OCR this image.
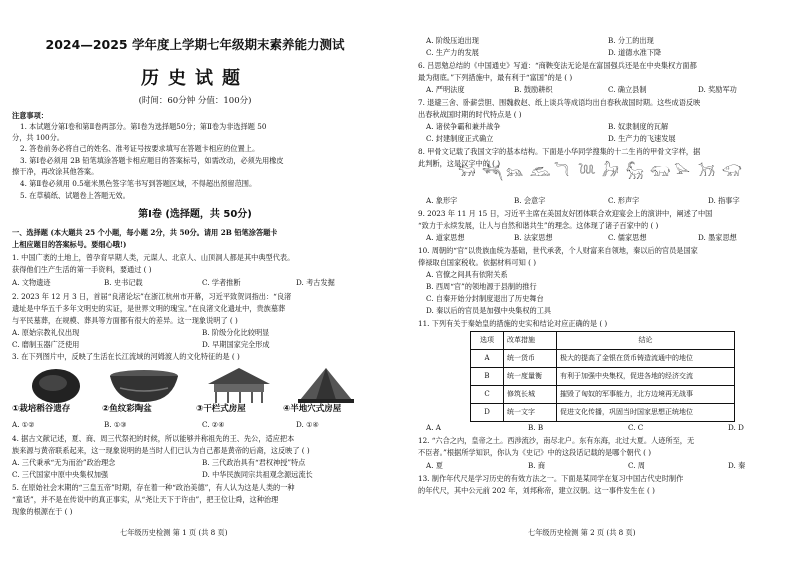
2024—2025 学年度上学期七年级期末素养能力测试
历史试题
(时间：60分钟 分值：100分)
注意事项：
1. 本试题分第Ⅰ卷和第Ⅱ卷两部分。第Ⅰ卷为选择题50分；第Ⅱ卷为非选择题 50
分，共 100分。
2. 答卷前务必将自己的姓名、准考证号按要求填写在答题卡相应的位置上。
3. 第Ⅰ卷必须用 2B 铅笔填涂答题卡相应题目的答案标号，如需改动，必须先用橡皮
擦干净，再改涂其他答案。
4. 第Ⅱ卷必须用 0.5毫米黑色签字笔书写到答题区域，不得超出预留范围。
5. 在草稿纸、试题卷上答题无效。
第Ⅰ卷 (选择题，共 50分)
一、选择题 (本大题共 25 个小题，每小题 2分，共 50分。请用 2B 铅笔涂答题卡
上相应题目的答案标号。要细心哦!)
1. 中国广袤的土地上，曾孕育早期人类，元谋人、北京人、山顶洞人都是其中典型代表。
获得他们生产生活的第一手资料，要通过 ( )
A. 文物遗迹	B. 史书记载	C. 学者推断	D. 考古发掘
2. 2023 年 12 月 3 日，首届“良渚论坛”在浙江杭州市开幕，习近平致贺词指出：“良渚
遗址是中华五千多年文明史的实证，是世界文明的瑰宝。”在良渚文化遗址中，贵族墓葬
与平民墓葬，在规模、葬具等方面都有很大的差异。这一现象说明了 ( )
A. 原始宗教礼仪出现	B. 阶级分化比较明显
C. 磨制玉器广泛使用	D. 早期国家完全形成
3. 在下列图片中，反映了生活在长江流域的河姆渡人的文化特征的是 ( )
①栽培稻谷遗存	②鱼纹彩陶盆	③干栏式房屋	④半地穴式房屋
A. ①②	B. ①③	C. ②④	D. ①④
4. 据古文献记述，夏、商、周三代祭祀的时候，所以能够并称祖先的王、先公，适应把本
族来源与黄帝联系起来，这一现象说明的是当时人们已认为自己都是黄帝的后裔，这反映了 ( )
A. 三代秉承“无为而治”政治理念	B. 三代政治具有“君权神授”特点
C. 三代国家中原中央集权加强	D. 中华民族同宗共祖观念源远流长
5. 在原始社会末期的“三皇五帝”时期，存在着一种“政治美德”，有人认为这是人类的一种
“童话”，并不是在传说中的真正事实，从“尧让天下于许由”，把王位让舜，这种治理
现象的根源在于 ( )
七年级历史检测 第 1 页 (共 8 页)
A. 阶级压迫出现	B. 分工的出现
C. 生产力的发展	D. 道德水准下降
6. 吕思勉总结的《中国通史》写道：“商鞅变法无论是在富国强兵还是在中央集权方面都
最为彻底。”下列措施中，最有利于“富国”的是 ( )
A. 严明法度	B. 鼓励耕织	C. 确立县制	D. 奖励军功
7. 退避三舍、卧薪尝胆、围魏救赵、纸上谈兵等成语均出自春秋战国时期。这些成语反映
出春秋战国时期的时代特点是 ( )
A. 诸侯争霸和兼并战争	B. 奴隶制度的瓦解
C. 封建制度正式确立	D. 生产力的飞速发展
8. 甲骨文记载了我国文字的基本结构。下面是小华同学搜集的十二生肖的甲骨文字样，据
此判断，这是汉字中的 ( )
𓃒 𓆈 𓃬 𓃹 𓆓 𓆙 𓃗 𓃵 𓃯 𓅪 𓃡 𓃟
A. 象形字	B. 会意字	C. 形声字	D. 指事字
9. 2023 年 11 月 15 日，习近平主席在美国友好团体联合欢迎宴会上的演讲中，阐述了中国
“致力于永续发展，让人与自然和谐共生”的理念。这体现了诸子百家中的 ( )
A. 道家思想	B. 法家思想	C. 儒家思想	D. 墨家思想
10. 周朝的“官”以贵族血统为基础，世代承袭，个人财富来自领地，秦以后的官员是国家
俸禄取自国家税收。依据材料可知 ( )
A. 官僚之间具有依附关系
B. 西周“官”的领地源于县制的推行
C. 自秦开始分封制度退出了历史舞台
D. 秦以后的官员是加强中央集权的工具
11. 下列有关于秦始皇的措施的史实和结论对应正确的是 ( )
选项	改革措施	结论
A	统一货币	极大的提高了金银在货币铸造流通中的地位
B	统一度量衡	有利于加强中央集权，促进各地的经济交流
C	修筑长城	摧毁了匈奴的军事能力，北方边境再无战事
D	统一文字	促进文化传播，巩固当时国家思想正统地位
A. A	B. B	C. C	D. D
12. “六合之内，皇帝之土。西涉流沙，南尽北户。东有东海，北过大夏。人迹所至，无
不臣者。”根据所学知识，你认为《史记》中的这段话记载的是哪个朝代 ( )
A. 夏	B. 商	C. 周	D. 秦
13. 制作年代尺是学习历史的有效方法之一。下面是某同学在复习中国古代史时制作
的年代尺，其中公元前 202 年，刘邦称帝，建立汉朝。这一事件发生在 ( )
七年级历史检测 第 2 页 (共 8 页)
